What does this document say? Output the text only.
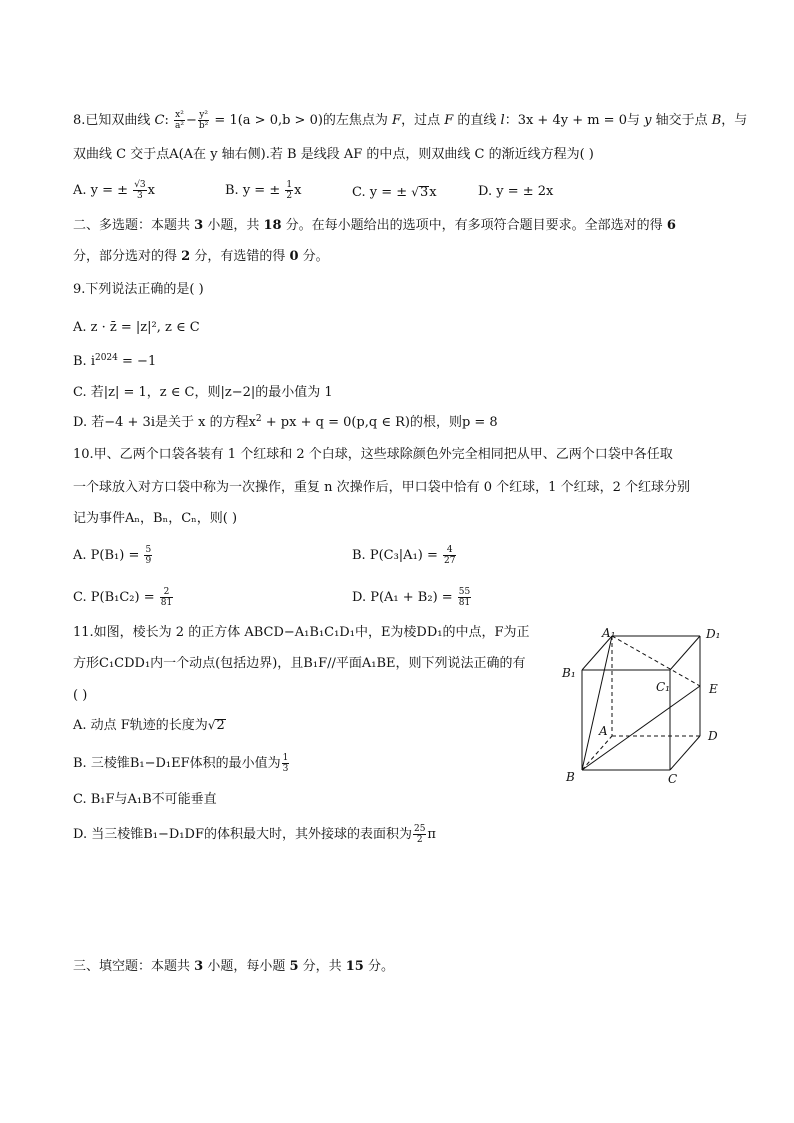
8.已知双曲线 C: $\frac{\text{x²}}{\text{a²}} - \frac{\text{y²}}{\text{b²}} = 1(a > 0,b > 0)$的左焦点为 F，过点 F 的直线 l：3x + 4y + m = 0与 y 轴交于点 B，与
双曲线 C 交于点A(A在 y 轴右侧).若 B 是线段 AF 的中点，则双曲线 C 的渐近线方程为( )
A. y = ± $\frac{√3}{3}$ x	B. y = ± $\frac{1}{2}$ x	C. y = ± √3x	D. y = ± 2x
二、多选题：本题共 3 小题，共 18 分。在每小题给出的选项中，有多项符合题目要求。全部选对的得 6
分，部分选对的得 2 分，有选错的得 0 分。
9.下列说法正确的是( )
A. z · z̄ = |z|², z ∈ C
B. $i^{2024} = -1$
C. 若|z| = 1，z ∈ C，则|z−2|的最小值为 1
D. 若−4 + 3i是关于 x 的方程$x^2$ + px + q = 0(p,q ∈ R)的根，则p = 8
10.甲、乙两个口袋各装有 1 个红球和 2 个白球，这些球除颜色外完全相同把从甲、乙两个口袋中各任取
一个球放入对方口袋中称为一次操作，重复 n 次操作后，甲口袋中恰有 0 个红球，1 个红球，2 个红球分别
记为事件Aₙ，Bₙ，Cₙ，则( )
A. $P(B_1) = \frac{5}{9}$	B. $P(C_3|A_1) = \frac{4}{27}$
C. $P(B_1C_2) = \frac{2}{81}$	D. $P(A_1 + B_2) = \frac{55}{81}$
11.如图，棱长为 2 的正方体 ABCD−A₁B₁C₁D₁中，E为棱DD₁的中点，F为正
方形C₁CDD₁内一个动点(包括边界)，且B₁F//平面A₁BE，则下列说法正确的有
( )
A. 动点 F轨迹的长度为√2
B. 三棱锥B₁−D₁EF体积的最小值为 $\frac{1}{3}$
C. B₁F与A₁B不可能垂直
D. 当三棱锥B₁−D₁DF的体积最大时，其外接球的表面积为 $\frac{25}{2}$ π
A₁	D₁
B₁
C₁	E
A	D
B	C
三、填空题：本题共 3 小题，每小题 5 分，共 15 分。
